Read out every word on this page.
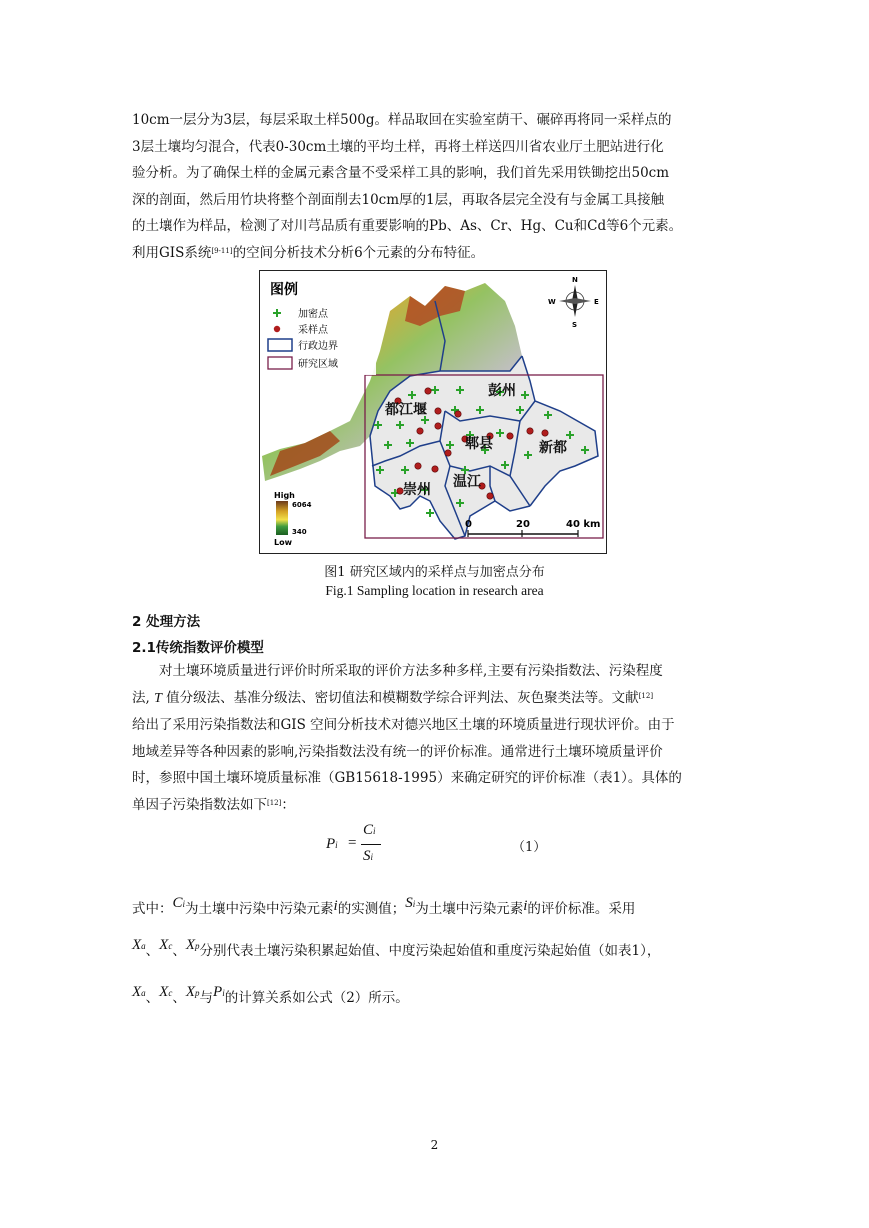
10cm一层分为3层，每层采取土样500g。样品取回在实验室荫干、碾碎再将同一采样点的

3层土壤均匀混合，代表0-30cm土壤的平均土样，再将土样送四川省农业厅土肥站进行化

验分析。为了确保土样的金属元素含量不受采样工具的影响，我们首先采用铁锄挖出50cm

深的剖面，然后用竹块将整个剖面削去10cm厚的1层，再取各层完全没有与金属工具接触

的土壤作为样品，检测了对川芎品质有重要影响的Pb、As、Cr、Hg、Cu和Cd等6个元素。

利用GIS系统[9-11]的空间分析技术分析6个元素的分布特征。

彭州
都江堰
郫县	新都
温江
崇州
图例
加密点
采样点
行政边界
研究区域
N
S
E
W
High
6064
340
Low
0	20	40 km
图1 研究区域内的采样点与加密点分布
Fig.1 Sampling location in research area
2 处理方法
2.1传统指数评价模型

对土壤环境质量进行评价时所采取的评价方法多种多样,主要有污染指数法、污染程度

法, T 值分级法、基准分级法、密切值法和模糊数学综合评判法、灰色聚类法等。文献[12]

给出了采用污染指数法和GIS 空间分析技术对德兴地区土壤的环境质量进行现状评价。由于

地域差异等各种因素的影响,污染指数法没有统一的评价标准。通常进行土壤环境质量评价

时，参照中国土壤环境质量标准（GB15618-1995）来确定研究的评价标准（表1）。具体的

单因子污染指数法如下[12]：

Pi =
Ci
Si
（1）

式中：Ci为土壤中污染中污染元素i的实测值；Si为土壤中污染元素i的评价标准。采用

Xa、Xc、Xp分别代表土壤污染积累起始值、中度污染起始值和重度污染起始值（如表1），

Xa、Xc、Xp与Pi的计算关系如公式（2）所示。

2
